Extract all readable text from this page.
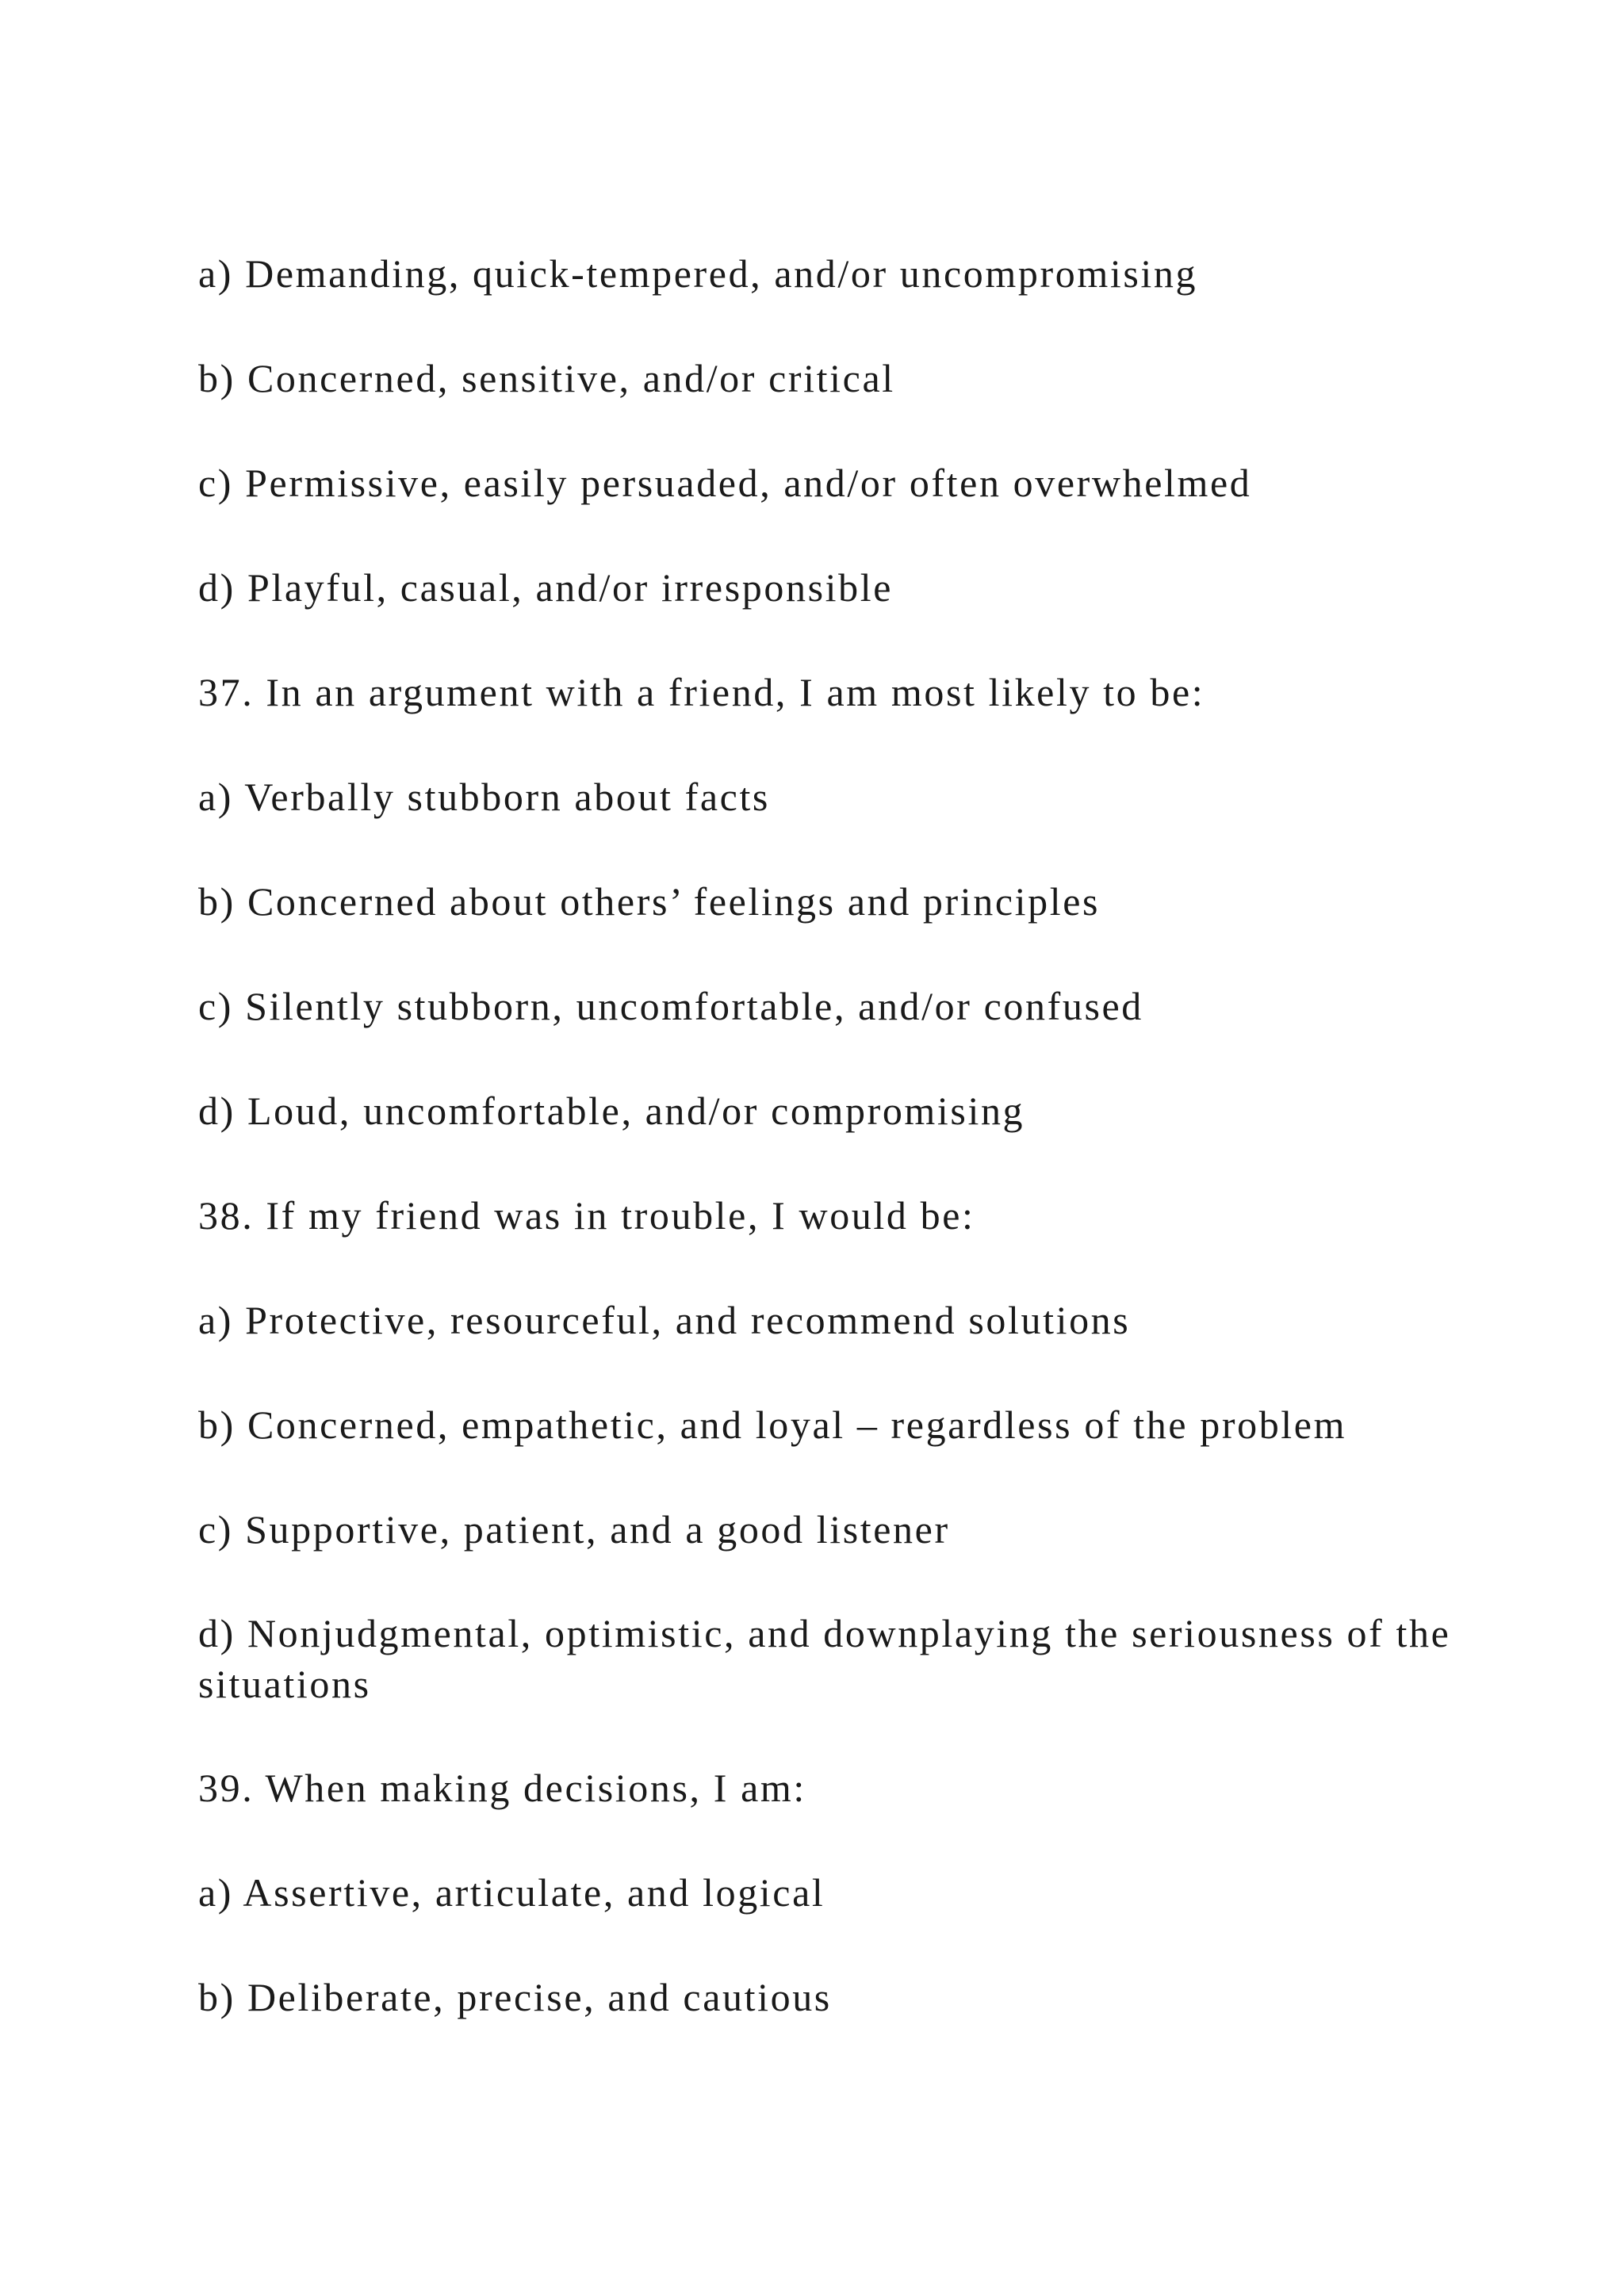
a) Demanding, quick-tempered, and/or uncompromising

b) Concerned, sensitive, and/or critical

c) Permissive, easily persuaded, and/or often overwhelmed

d) Playful, casual, and/or irresponsible

37. In an argument with a friend, I am most likely to be:

a) Verbally stubborn about facts

b) Concerned about others’ feelings and principles

c) Silently stubborn, uncomfortable, and/or confused

d) Loud, uncomfortable, and/or compromising

38. If my friend was in trouble, I would be:

a) Protective, resourceful, and recommend solutions

b) Concerned, empathetic, and loyal – regardless of the problem

c) Supportive, patient, and a good listener

d) Nonjudgmental, optimistic, and downplaying the seriousness of the situations

39. When making decisions, I am:

a) Assertive, articulate, and logical

b) Deliberate, precise, and cautious
